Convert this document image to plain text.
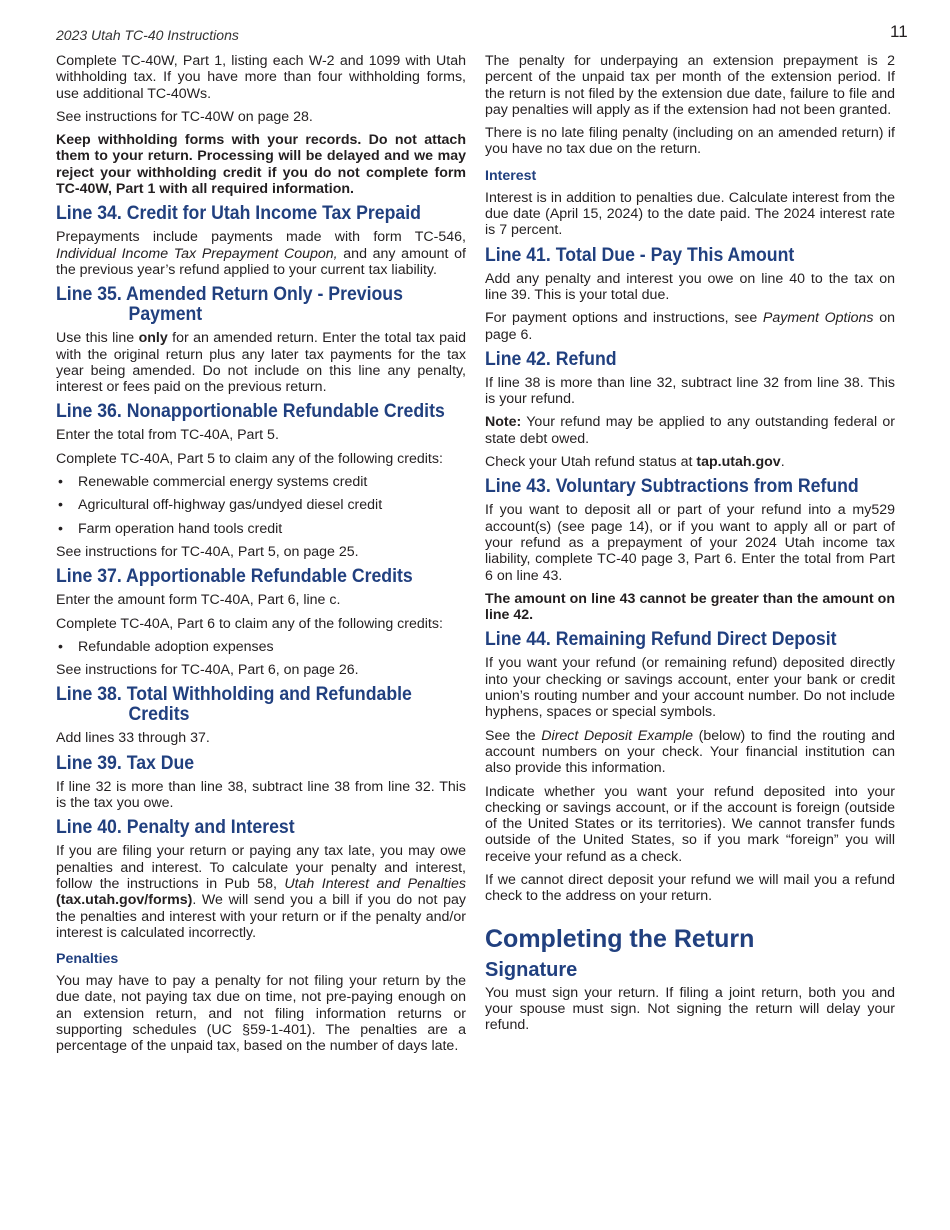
2023 Utah TC-40 Instructions	11

Complete TC-40W, Part 1, listing each W-2 and 1099 with Utah withholding tax. If you have more than four withholding forms, use additional TC-40Ws.

See instructions for TC-40W on page 28.

Keep withholding forms with your records. Do not attach them to your return. Processing will be delayed and we may reject your withholding credit if you do not complete form TC-40W, Part 1 with all required information.

Line 34. Credit for Utah Income Tax Prepaid

Prepayments include payments made with form TC-546, Individual Income Tax Prepayment Coupon, and any amount of the previous year’s refund applied to your current tax liability.

Line 35. Amended Return Only - Previous
Payment

Use this line only for an amended return. Enter the total tax paid with the original return plus any later tax payments for the tax year being amended. Do not include on this line any penalty, interest or fees paid on the previous return.

Line 36. Nonapportionable Refundable Credits

Enter the total from TC-40A, Part 5.

Complete TC-40A, Part 5 to claim any of the following credits:

• Renewable commercial energy systems credit
• Agricultural off-highway gas/undyed diesel credit
• Farm operation hand tools credit

See instructions for TC-40A, Part 5, on page 25.

Line 37. Apportionable Refundable Credits

Enter the amount form TC-40A, Part 6, line c.

Complete TC-40A, Part 6 to claim any of the following credits:

• Refundable adoption expenses

See instructions for TC-40A, Part 6, on page 26.

Line 38. Total Withholding and Refundable
Credits

Add lines 33 through 37.

Line 39. Tax Due

If line 32 is more than line 38, subtract line 38 from line 32. This is the tax you owe.

Line 40. Penalty and Interest

If you are filing your return or paying any tax late, you may owe penalties and interest. To calculate your penalty and interest, follow the instructions in Pub 58, Utah Interest and Penalties (tax.utah.gov/forms). We will send you a bill if you do not pay the penalties and interest with your return or if the penalty and/or interest is calculated incorrectly.

Penalties

You may have to pay a penalty for not filing your return by the due date, not paying tax due on time, not pre-paying enough on an extension return, and not filing information returns or supporting schedules (UC §59-1-401). The penalties are a percentage of the unpaid tax, based on the number of days late.

The penalty for underpaying an extension prepayment is 2 percent of the unpaid tax per month of the extension period. If the return is not filed by the extension due date, failure to file and pay penalties will apply as if the extension had not been granted.

There is no late filing penalty (including on an amended return) if you have no tax due on the return.

Interest

Interest is in addition to penalties due. Calculate interest from the due date (April 15, 2024) to the date paid. The 2024 interest rate is 7 percent.

Line 41. Total Due - Pay This Amount

Add any penalty and interest you owe on line 40 to the tax on line 39. This is your total due.

For payment options and instructions, see Payment Options on page 6.

Line 42. Refund

If line 38 is more than line 32, subtract line 32 from line 38. This is your refund.

Note: Your refund may be applied to any outstanding federal or state debt owed.

Check your Utah refund status at tap.utah.gov.

Line 43. Voluntary Subtractions from Refund

If you want to deposit all or part of your refund into a my529 account(s) (see page 14), or if you want to apply all or part of your refund as a prepayment of your 2024 Utah income tax liability, complete TC-40 page 3, Part 6. Enter the total from Part 6 on line 43.

The amount on line 43 cannot be greater than the amount on line 42.

Line 44. Remaining Refund Direct Deposit

If you want your refund (or remaining refund) deposited directly into your checking or savings account, enter your bank or credit union’s routing number and your account number. Do not include hyphens, spaces or special symbols.

See the Direct Deposit Example (below) to find the routing and account numbers on your check. Your financial institution can also provide this information.

Indicate whether you want your refund deposited into your checking or savings account, or if the account is foreign (outside of the United States or its territories). We cannot transfer funds outside of the United States, so if you mark “foreign” you will receive your refund as a check.

If we cannot direct deposit your refund we will mail you a refund check to the address on your return.

Completing the Return
Signature

You must sign your return. If filing a joint return, both you and your spouse must sign. Not signing the return will delay your refund.
